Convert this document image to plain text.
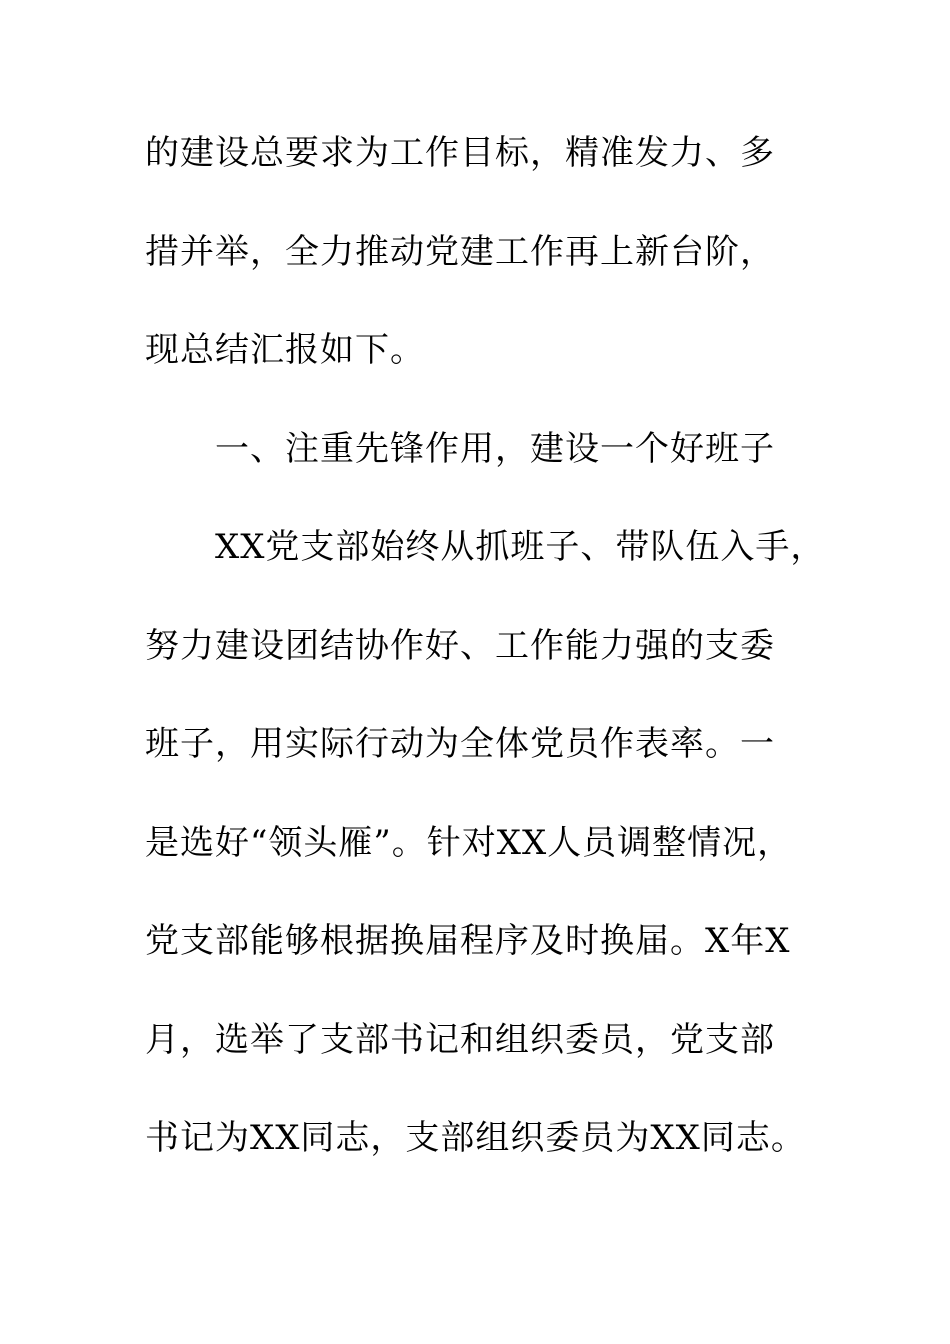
的建设总要求为工作目标，精准发力、多
措并举，全力推动党建工作再上新台阶，
现总结汇报如下。
一、注重先锋作用，建设一个好班子
XX党支部始终从抓班子、带队伍入手，
努力建设团结协作好、工作能力强的支委
班子，用实际行动为全体党员作表率。一
是选好“领头雁”。针对XX人员调整情况，
党支部能够根据换届程序及时换届。X年X
月，选举了支部书记和组织委员，党支部
书记为XX同志，支部组织委员为XX同志。
